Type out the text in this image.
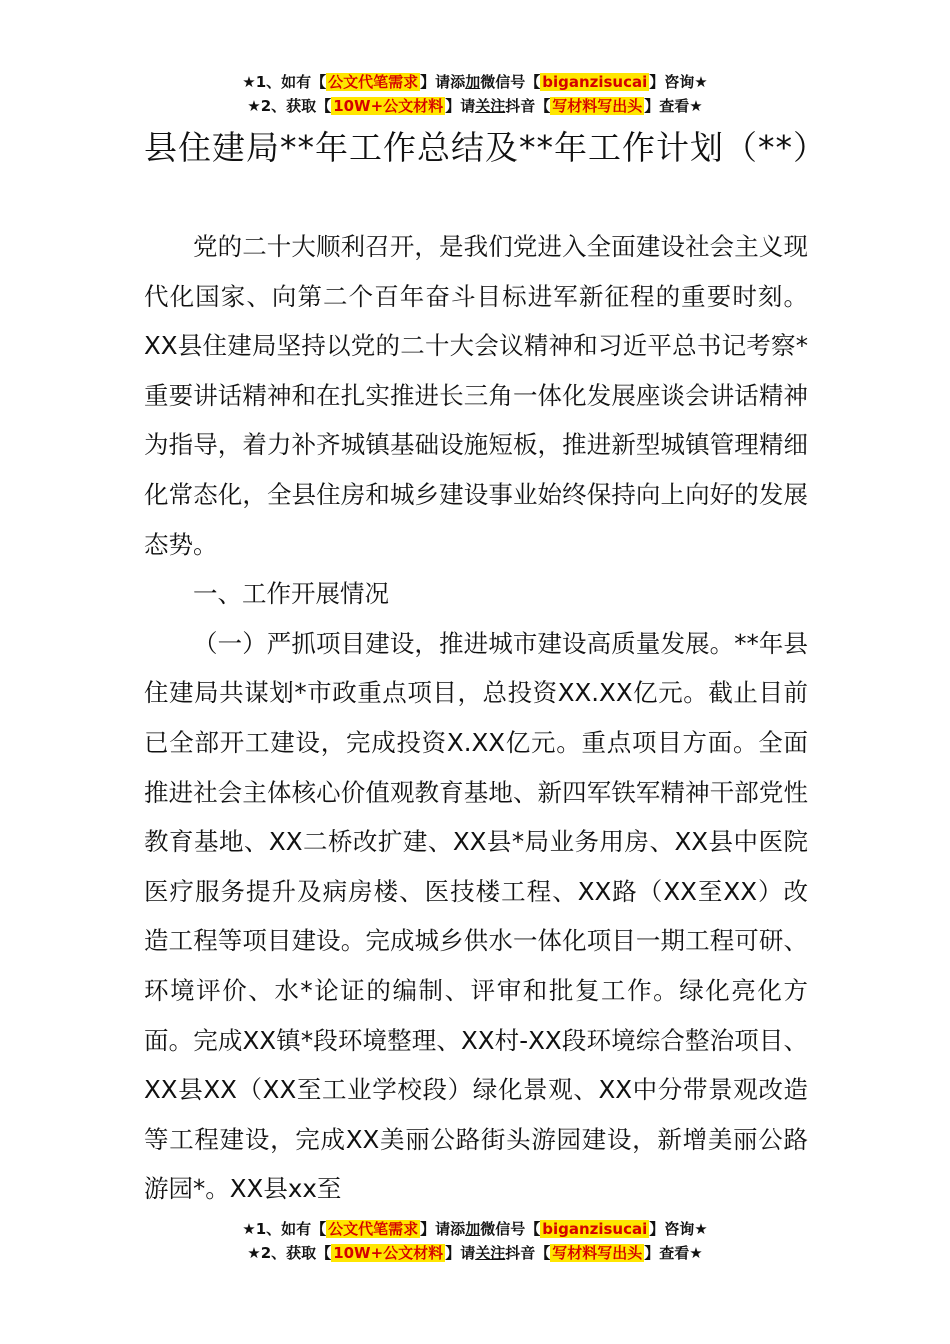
★1、如有【 公文代笔需求 】请添加微信号【 biganzisucai 】咨询★
★2、获取【 10W+公文材料 】请关注抖音【 写材料写出头 】查看★
县住建局**年工作总结及**年工作计划（**）

党的二十大顺利召开，是我们党进入全面建设社会主义现代化国家、向第二个百年奋斗目标进军新征程的重要时刻。XX县住建局坚持以党的二十大会议精神和习近平总书记考察*重要讲话精神和在扎实推进长三角一体化发展座谈会讲话精神为指导，着力补齐城镇基础设施短板，推进新型城镇管理精细化常态化，全县住房和城乡建设事业始终保持向上向好的发展态势。

一、工作开展情况

（一）严抓项目建设，推进城市建设高质量发展。**年县住建局共谋划*市政重点项目，总投资XX.XX亿元。截止目前已全部开工建设，完成投资X.XX亿元。重点项目方面。全面推进社会主体核心价值观教育基地、新四军铁军精神干部党性教育基地、XX二桥改扩建、XX县*局业务用房、XX县中医院医疗服务提升及病房楼、医技楼工程、XX路（XX至XX）改造工程等项目建设。完成城乡供水一体化项目一期工程可研、环境评价、水*论证的编制、评审和批复工作。绿化亮化方面。完成XX镇*段环境整理、XX村-XX段环境综合整治项目、XX县XX（XX至工业学校段）绿化景观、XX中分带景观改造等工程建设，完成XX美丽公路街头游园建设，新增美丽公路游园*。XX县xx至

★1、如有【 公文代笔需求 】请添加微信号【 biganzisucai 】咨询★
★2、获取【 10W+公文材料 】请关注抖音【 写材料写出头 】查看★
